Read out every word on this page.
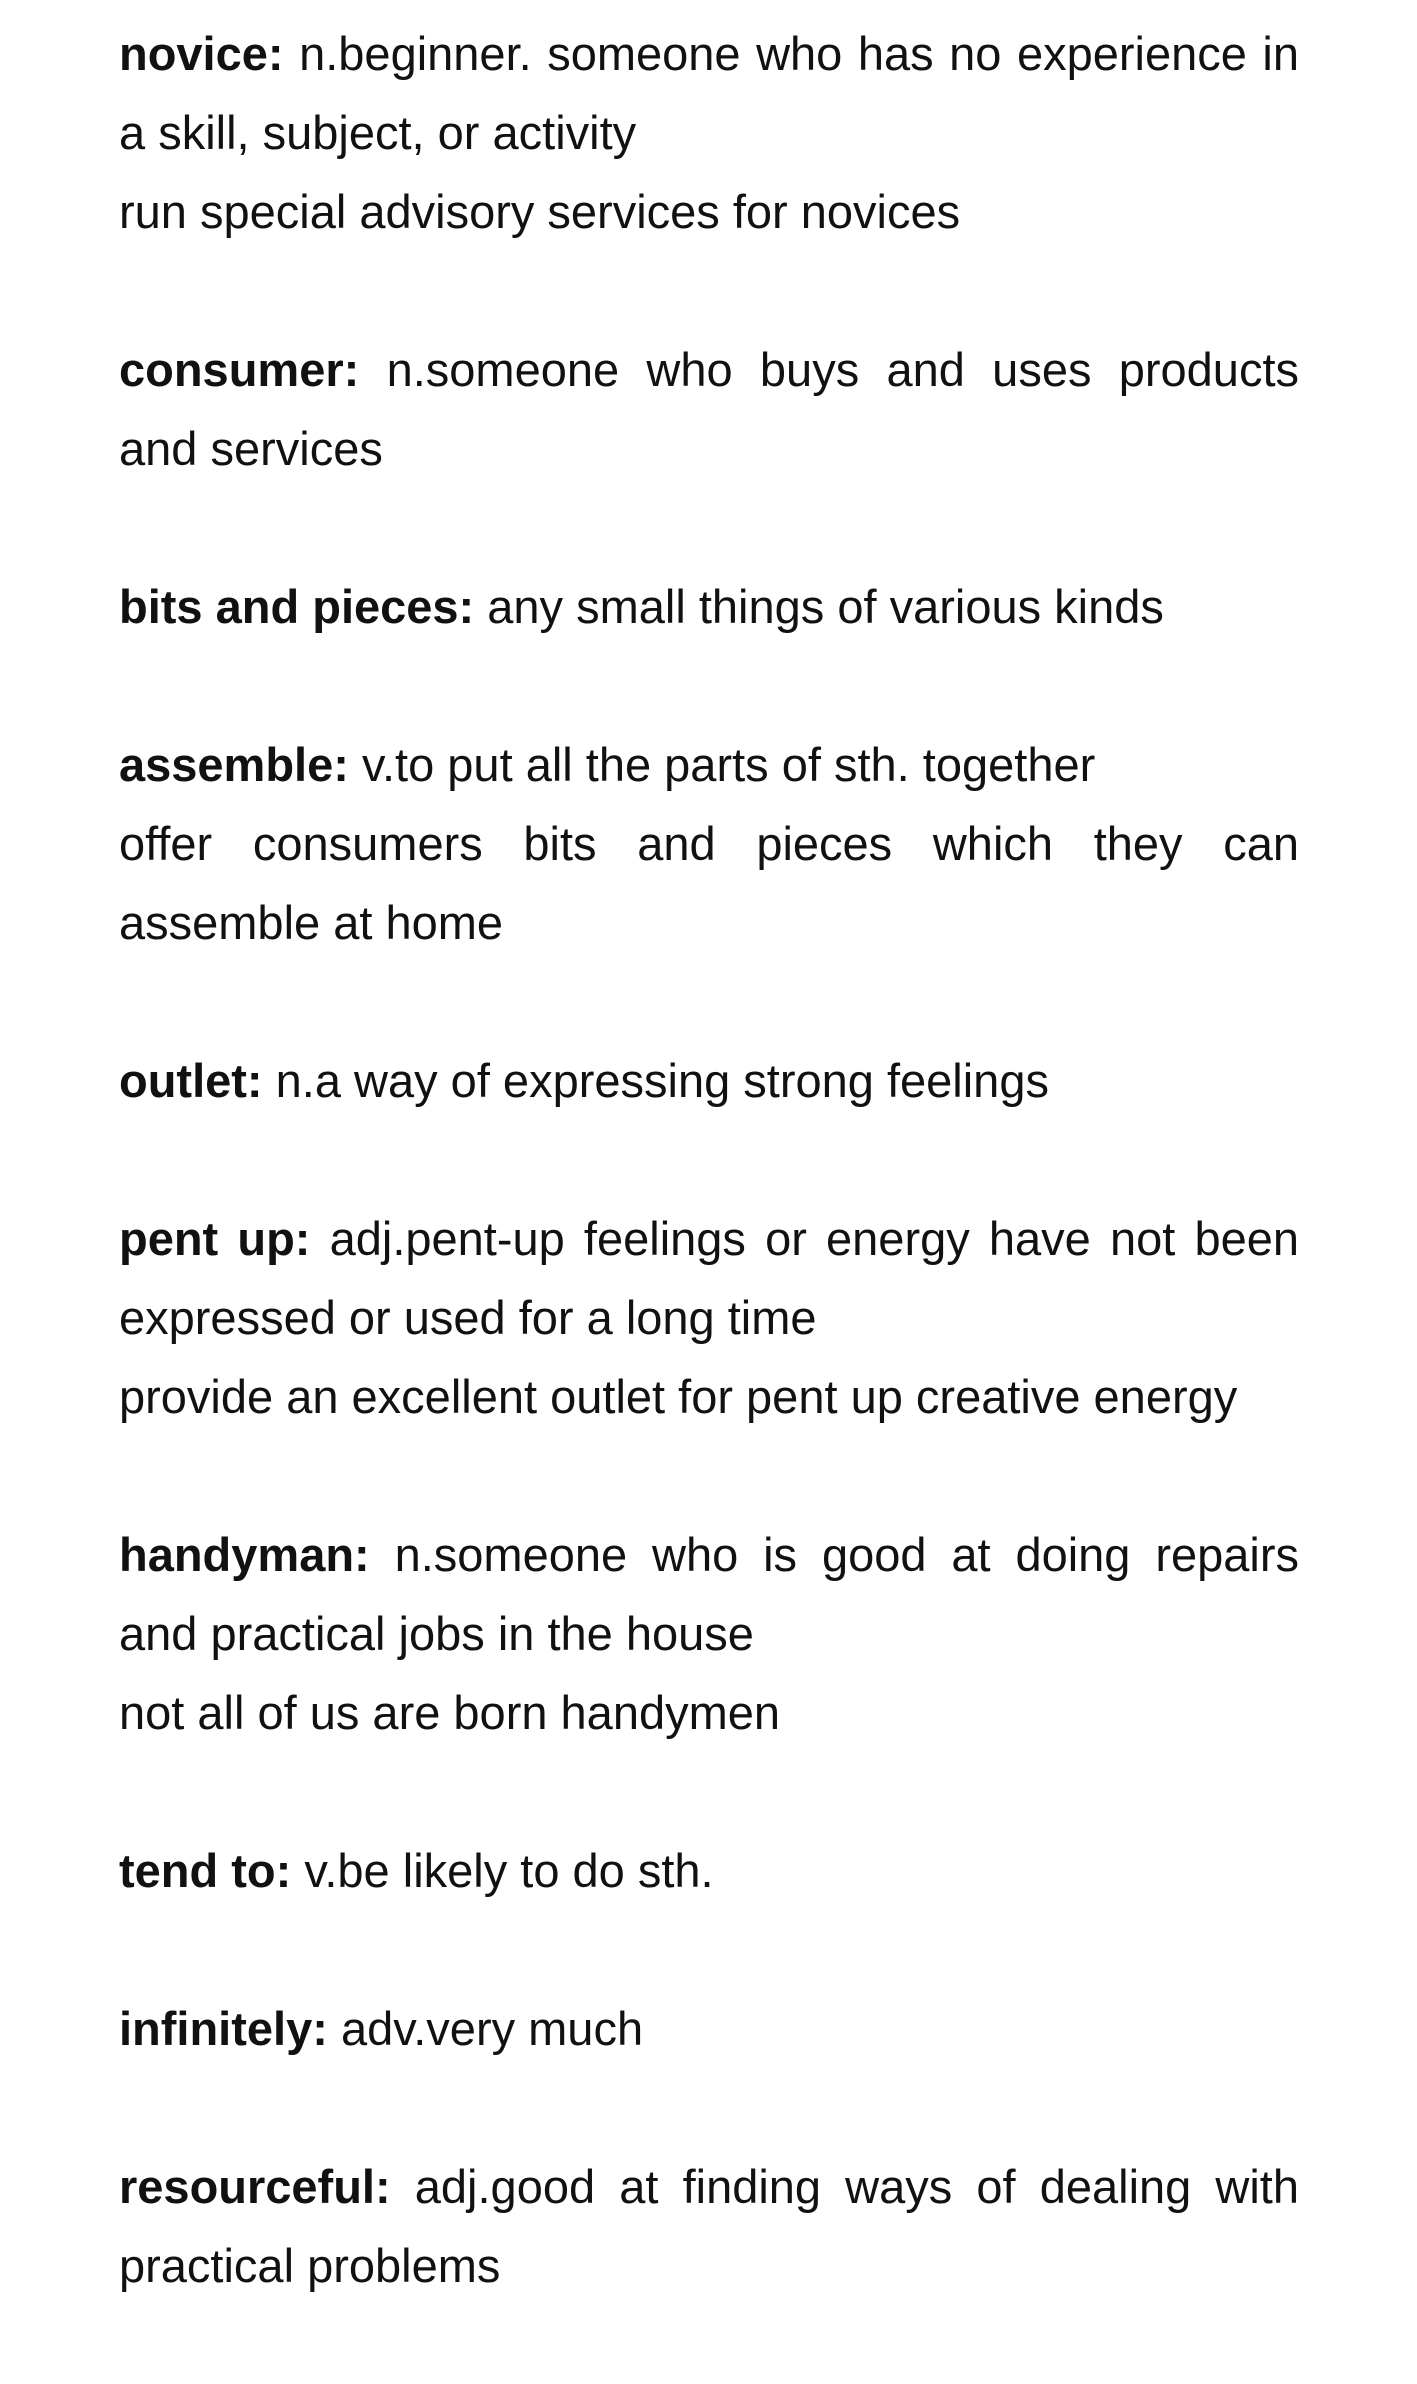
novice: n.beginner. someone who has no experience in a skill, subject, or activity

run special advisory services for novices

consumer: n.someone who buys and uses products and services

bits and pieces: any small things of various kinds

assemble: v.to put all the parts of sth. together

offer consumers bits and pieces which they can assemble at home

outlet: n.a way of expressing strong feelings

pent up: adj.pent-up feelings or energy have not been expressed or used for a long time

provide an excellent outlet for pent up creative energy

handyman: n.someone who is good at doing repairs and practical jobs in the house

not all of us are born handymen

tend to: v.be likely to do sth.

infinitely: adv.very much

resourceful: adj.good at finding ways of dealing with practical problems
